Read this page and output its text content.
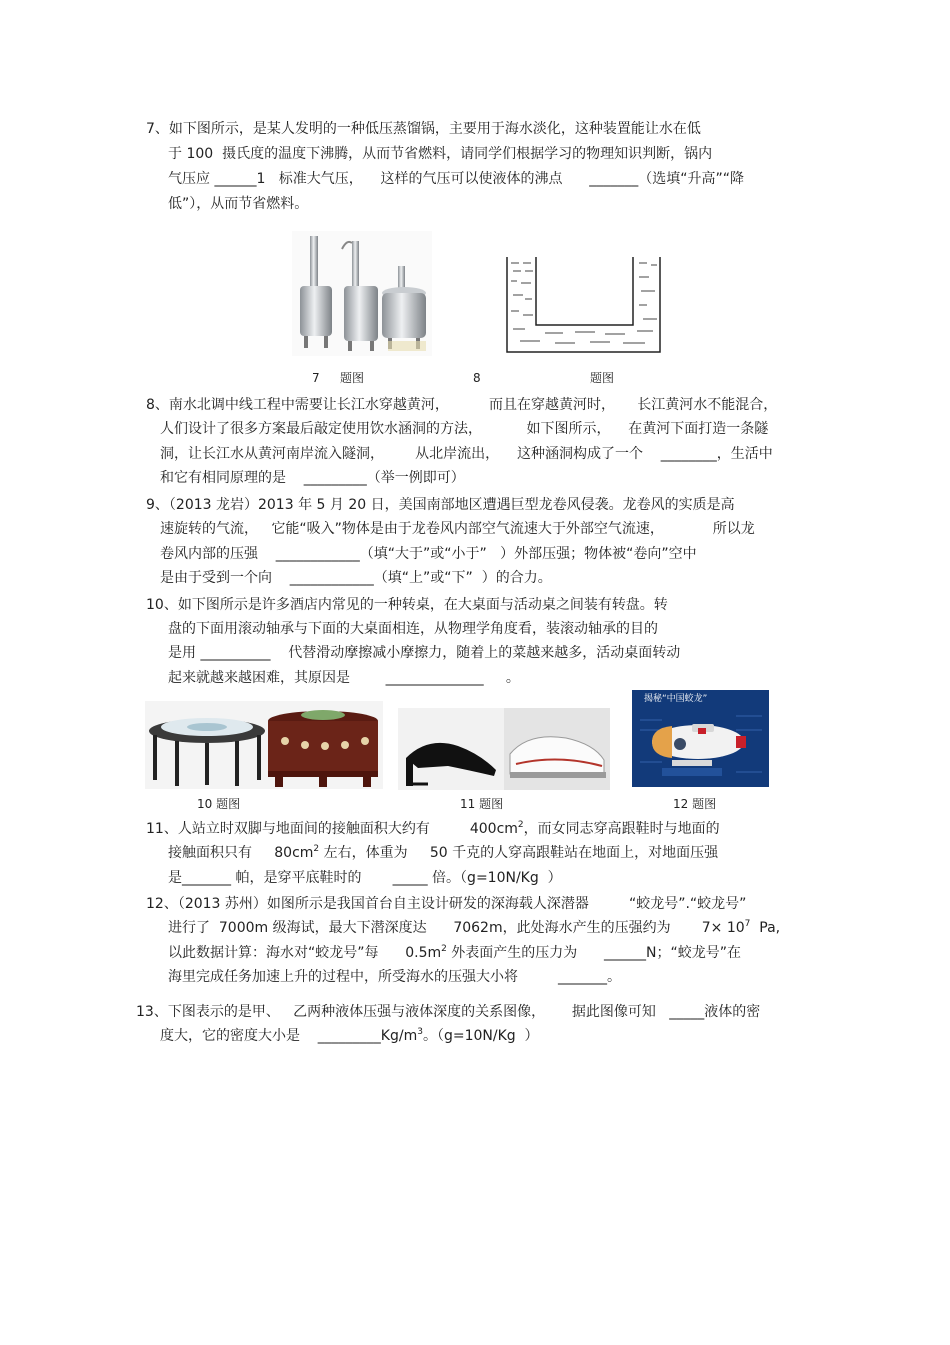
7、如下图所示，是某人发明的一种低压蒸馏锅，主要用于海水淡化，这种装置能让水在低
于 100  摄氏度的温度下沸腾，从而节省燃料，请同学们根据学习的物理知识判断，锅内
气压应 ______1   标准大气压，    这样的气压可以使液体的沸点      _______（选填“升高”“降
低”），从而节省燃料。
7 题图	8	题图
8、南水北调中线工程中需要让长江水穿越黄河，         而且在穿越黄河时，     长江黄河水不能混合，
人们设计了很多方案最后敲定使用饮水涵洞的方法，          如下图所示，    在黄河下面打造一条隧
洞，让长江水从黄河南岸流入隧洞，       从北岸流出，    这种涵洞构成了一个    ________，生活中
和它有相同原理的是    _________（举一例即可）
9、（2013 龙岩）2013 年 5 月 20 日，美国南部地区遭遇巨型龙卷风侵袭。龙卷风的实质是高
速旋转的气流，   它能“吸入”物体是由于龙卷风内部空气流速大于外部空气流速，           所以龙
卷风内部的压强    ____________（填“大于”或“小于”   ）外部压强；物体被“卷向”空中
是由于受到一个向    ____________（填“上”或“下”  ）的合力。
10、如下图所示是许多酒店内常见的一种转桌，在大桌面与活动桌之间装有转盘。转
盘的下面用滚动轴承与下面的大桌面相连，从物理学角度看，装滚动轴承的目的
是用 __________    代替滑动摩擦减小摩擦力，随着上的菜越来越多，活动桌面转动
起来就越来越困难，其原因是        ______________     。
揭秘“中国蛟龙”
10 题图	11 题图	12 题图
11、人站立时双脚与地面间的接触面积大约有         $400cm^2$，而女同志穿高跟鞋时与地面的
接触面积只有     $80cm^2$ 左右，体重为     50 千克的人穿高跟鞋站在地面上，对地面压强
是_______ 帕，是穿平底鞋时的       _____ 倍。（g=10N/Kg  ）
12、（2013 苏州）如图所示是我国首台自主设计研发的深海载人深潜器         “蛟龙号”.“蛟龙号”
进行了  7000m 级海试，最大下潜深度达      7062m，此处海水产生的压强约为       $7\times 10^7$  Pa,
以此数据计算：海水对“蛟龙号”每      $0.5m^2$ 外表面产生的压力为      ______N；“蛟龙号”在
海里完成任务加速上升的过程中，所受海水的压强大小将         _______。
13、下图表示的是甲、   乙两种液体压强与液体深度的关系图像，      据此图像可知   _____液体的密
度大，它的密度大小是    $\_\_\_\_\_\_\_\_\_Kg/m^3$。（g=10N/Kg  ）
